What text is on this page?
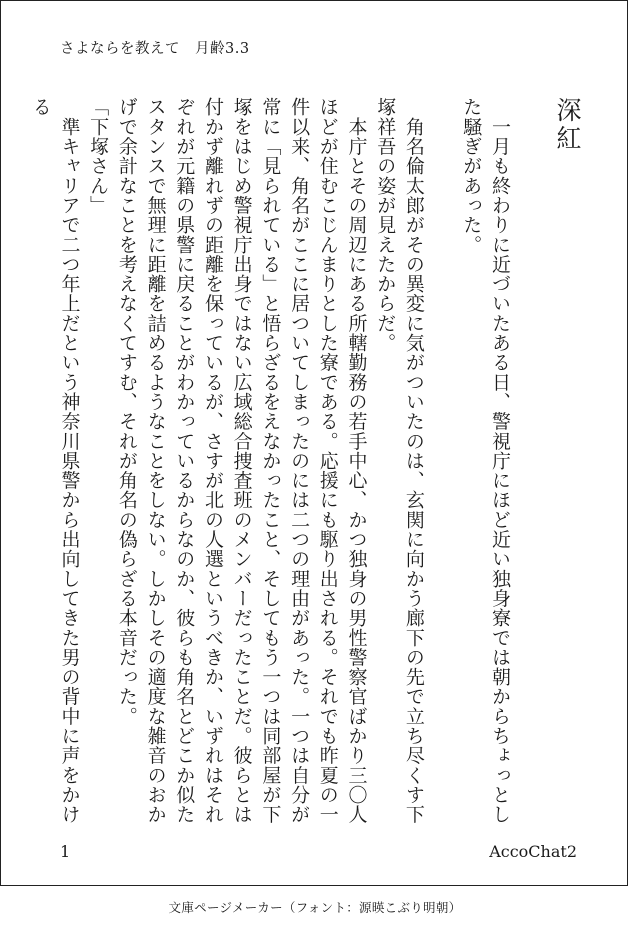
さよならを教えて　月齢3.3
深紅
　一月も終わりに近づいたある日、警視庁にほど近い独身寮では朝からちょっとした騒ぎがあった。

　角名倫太郎がその異変に気がついたのは、玄関に向かう廊下の先で立ち尽くす下塚祥吾の姿が見えたからだ。
　本庁とその周辺にある所轄勤務の若手中心、かつ独身の男性警察官ばかり三〇人ほどが住むこじんまりとした寮である。応援にも駆り出される。それでも昨夏の一件以来、角名がここに居ついてしまったのには二つの理由があった。一つは自分が常に「見られている」と悟らざるをえなかったこと、そしてもう一つは同部屋が下塚をはじめ警視庁出身ではない広域総合捜査班のメンバーだったことだ。彼らとは付かず離れずの距離を保っているが、さすが北の人選というべきか、いずれはそれぞれが元籍の県警に戻ることがわかっているからなのか、彼らも角名とどこか似たスタンスで無理に距離を詰めるようなことをしない。しかしその適度な雑音のおかげで余計なことを考えなくてすむ、それが角名の偽らざる本音だった。
「下塚さん」
　準キャリアで二つ年上だという神奈川県警から出向してきた男の背中に声をかける
1	AccoChat2
文庫ページメーカー（フォント：源暎こぶり明朝）
